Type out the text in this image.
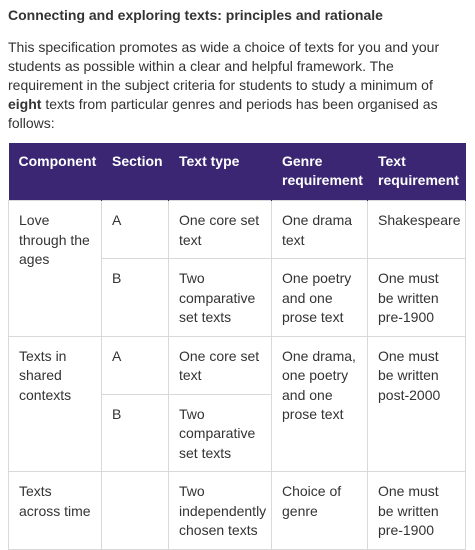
Connecting and exploring texts: principles and rationale

This specification promotes as wide a choice of texts for you and your students as possible within a clear and helpful framework. The requirement in the subject criteria for students to study a minimum of eight texts from particular genres and periods has been organised as follows:

Component	Section	Text type	Genre requirement	Text requirement
Love through the ages	A	One core set text	One drama text	Shakespeare
	B	Two comparative set texts	One poetry and one prose text	One must be written pre-1900
Texts in shared contexts	A	One core set text	One drama, one poetry and one prose text	One must be written post-2000
	B	Two comparative set texts		
Texts across time		Two independently chosen texts	Choice of genre	One must be written pre-1900
